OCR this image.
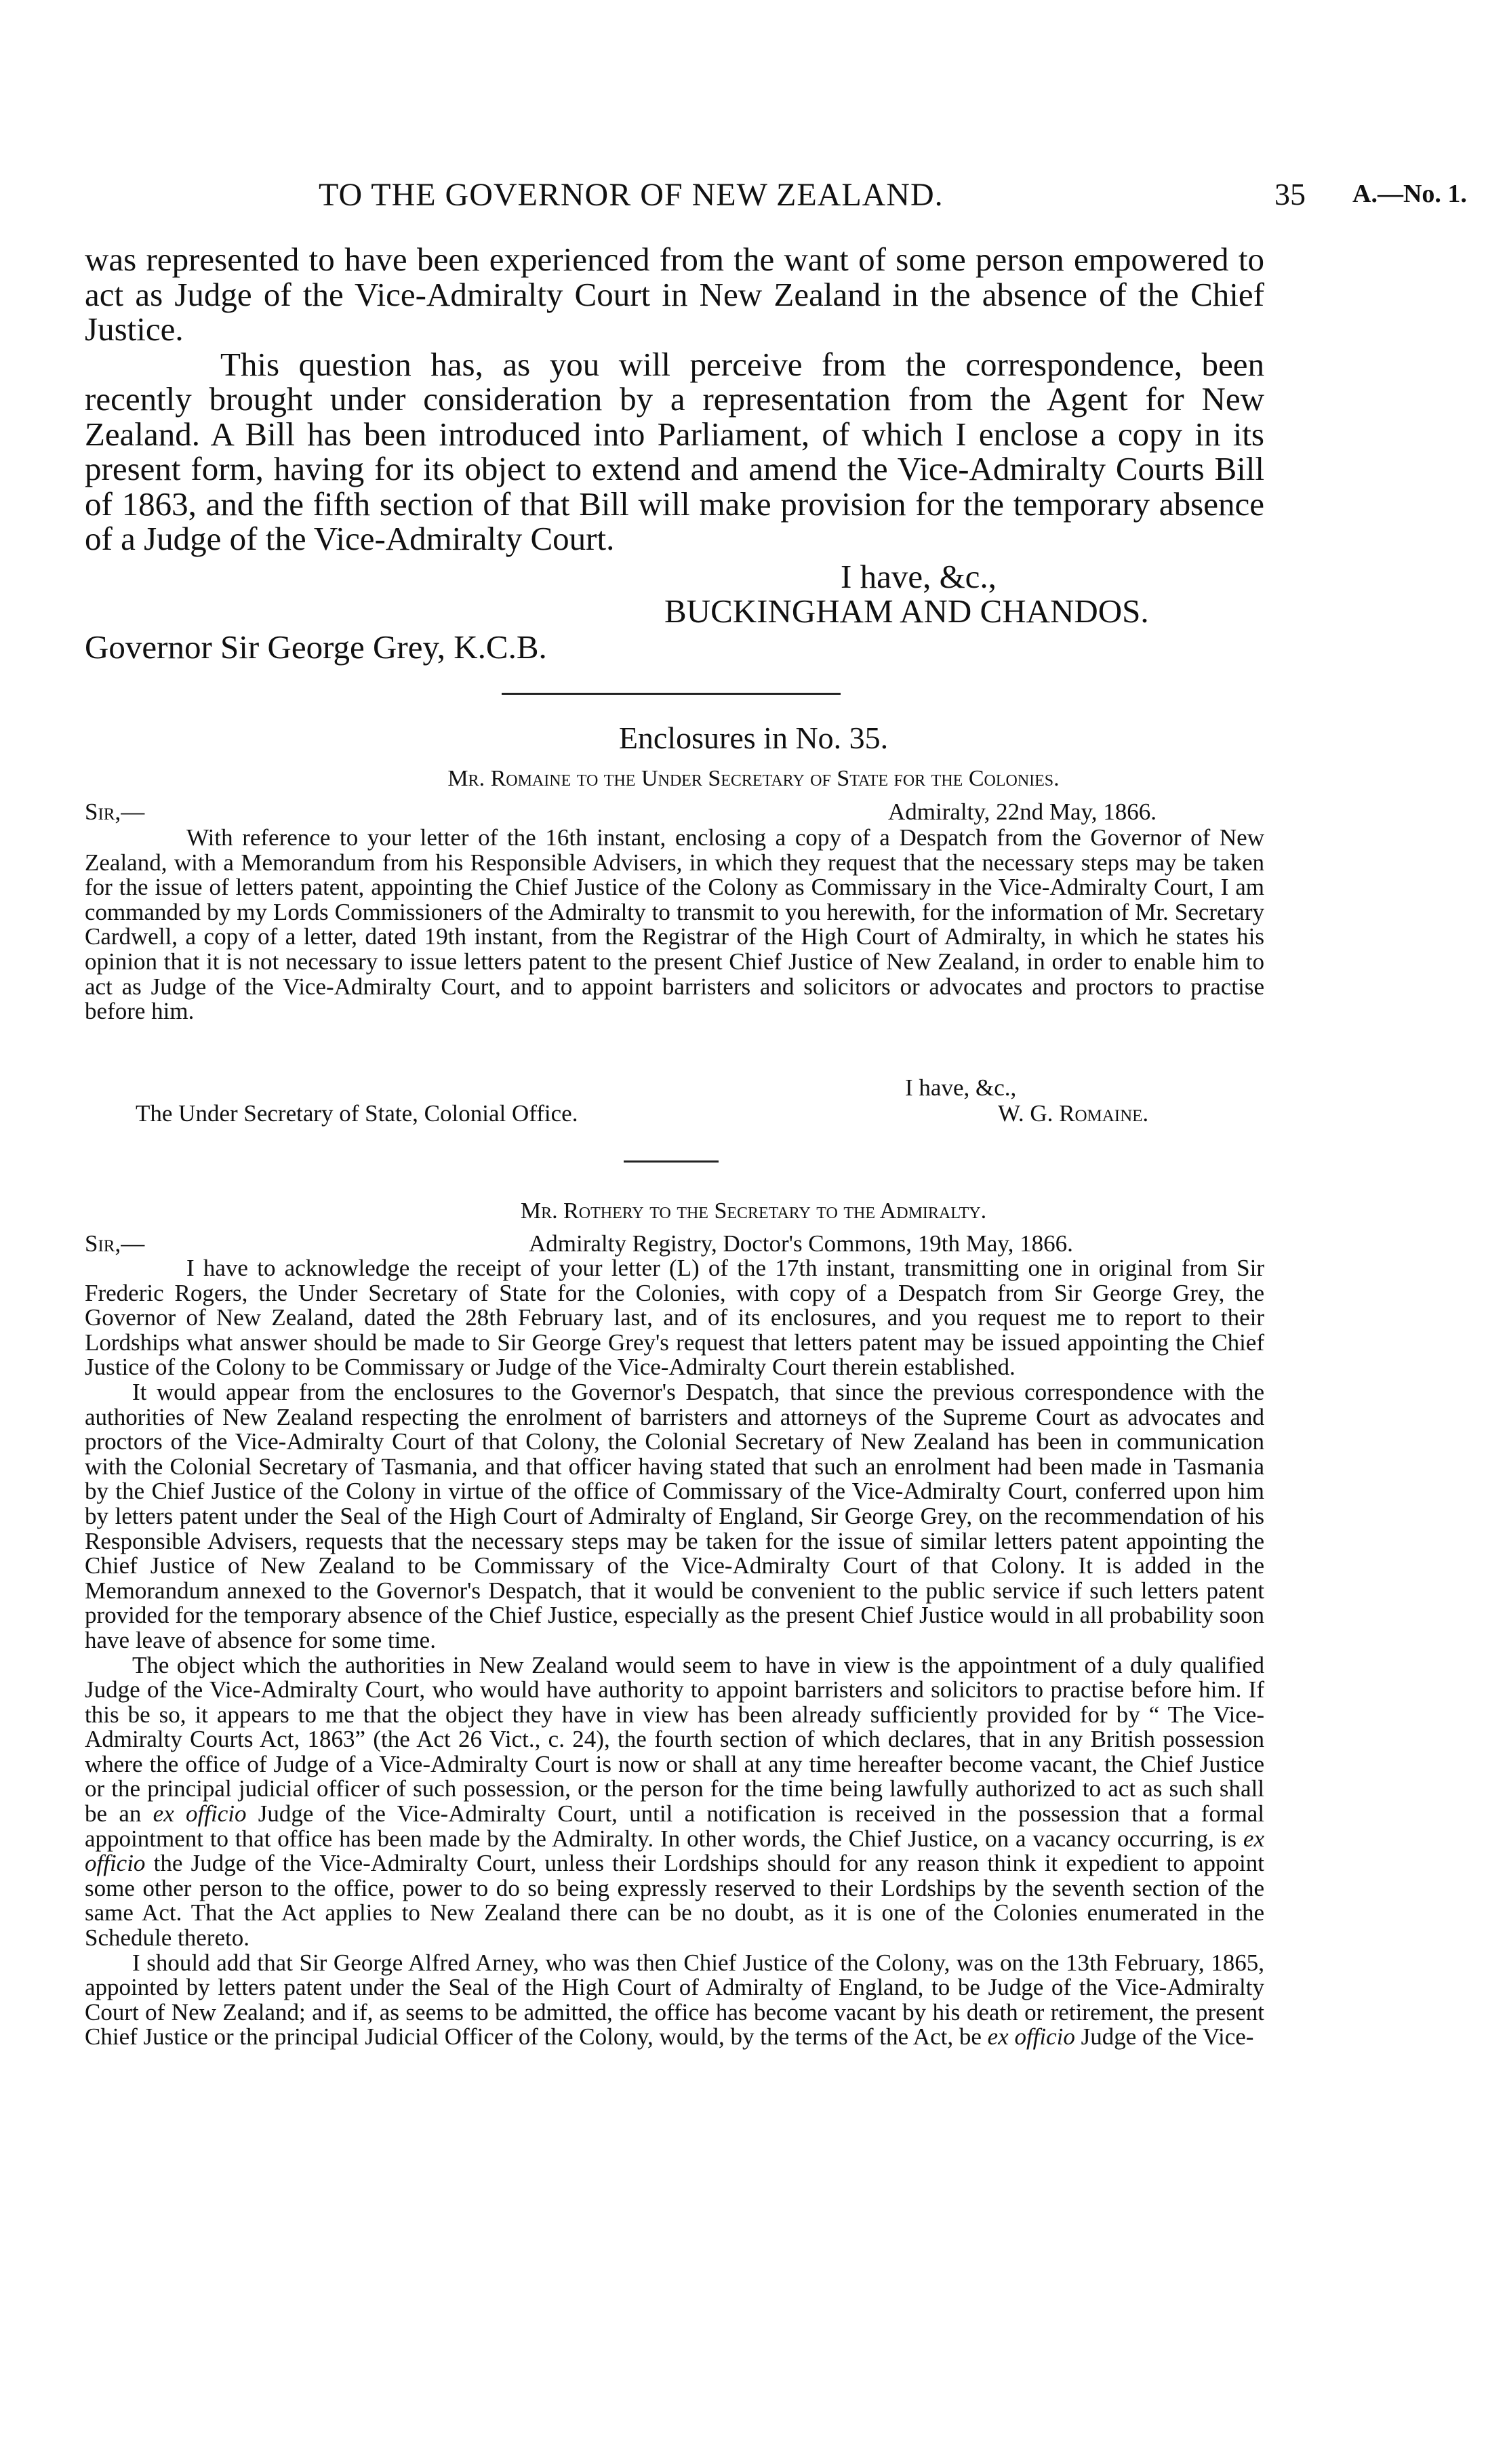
TO THE GOVERNOR OF NEW ZEALAND.	35 A.—No. 1.

was represented to have been experienced from the want of some person empowered to act as Judge of the Vice-Admiralty Court in New Zealand in the absence of the Chief Justice.

This question has, as you will perceive from the correspondence, been recently brought under consideration by a representation from the Agent for New Zealand. A Bill has been introduced into Parliament, of which I enclose a copy in its present form, having for its object to extend and amend the Vice-Admiralty Courts Bill of 1863, and the fifth section of that Bill will make provision for the temporary absence of a Judge of the Vice-Admiralty Court.

I have, &c.,
BUCKINGHAM AND CHANDOS.
Governor Sir George Grey, K.C.B.
Enclosures in No. 35.
Mr. Romaine to the Under Secretary of State for the Colonies.
Sir,—	Admiralty, 22nd May, 1866.

With reference to your letter of the 16th instant, enclosing a copy of a Despatch from the Governor of New Zealand, with a Memorandum from his Responsible Advisers, in which they request that the necessary steps may be taken for the issue of letters patent, appointing the Chief Justice of the Colony as Commissary in the Vice-Admiralty Court, I am commanded by my Lords Commissioners of the Admiralty to transmit to you herewith, for the information of Mr. Secretary Cardwell, a copy of a letter, dated 19th instant, from the Registrar of the High Court of Admiralty, in which he states his opinion that it is not necessary to issue letters patent to the present Chief Justice of New Zealand, in order to enable him to act as Judge of the Vice-Admiralty Court, and to appoint barristers and solicitors or advocates and proctors to practise before him.

I have, &c.,
The Under Secretary of State, Colonial Office.	W. G. Romaine.
Mr. Rothery to the Secretary to the Admiralty.
Sir,—	Admiralty Registry, Doctor's Commons, 19th May, 1866.

I have to acknowledge the receipt of your letter (L) of the 17th instant, transmitting one in original from Sir Frederic Rogers, the Under Secretary of State for the Colonies, with copy of a Despatch from Sir George Grey, the Governor of New Zealand, dated the 28th February last, and of its enclosures, and you request me to report to their Lordships what answer should be made to Sir George Grey's request that letters patent may be issued appointing the Chief Justice of the Colony to be Commissary or Judge of the Vice-Admiralty Court therein established.

It would appear from the enclosures to the Governor's Despatch, that since the previous correspondence with the authorities of New Zealand respecting the enrolment of barristers and attorneys of the Supreme Court as advocates and proctors of the Vice-Admiralty Court of that Colony, the Colonial Secretary of New Zealand has been in communication with the Colonial Secretary of Tasmania, and that officer having stated that such an enrolment had been made in Tasmania by the Chief Justice of the Colony in virtue of the office of Commissary of the Vice-Admiralty Court, conferred upon him by letters patent under the Seal of the High Court of Admiralty of England, Sir George Grey, on the recommendation of his Responsible Advisers, requests that the necessary steps may be taken for the issue of similar letters patent appointing the Chief Justice of New Zealand to be Commissary of the Vice-Admiralty Court of that Colony. It is added in the Memorandum annexed to the Governor's Despatch, that it would be convenient to the public service if such letters patent provided for the temporary absence of the Chief Justice, especially as the present Chief Justice would in all probability soon have leave of absence for some time.

The object which the authorities in New Zealand would seem to have in view is the appointment of a duly qualified Judge of the Vice-Admiralty Court, who would have authority to appoint barristers and solicitors to practise before him. If this be so, it appears to me that the object they have in view has been already sufficiently provided for by “ The Vice-Admiralty Courts Act, 1863” (the Act 26 Vict., c. 24), the fourth section of which declares, that in any British possession where the office of Judge of a Vice-Admiralty Court is now or shall at any time hereafter become vacant, the Chief Justice or the principal judicial officer of such possession, or the person for the time being lawfully authorized to act as such shall be an ex officio Judge of the Vice-Admiralty Court, until a notification is received in the possession that a formal appointment to that office has been made by the Admiralty. In other words, the Chief Justice, on a vacancy occurring, is ex officio the Judge of the Vice-Admiralty Court, unless their Lordships should for any reason think it expedient to appoint some other person to the office, power to do so being expressly reserved to their Lordships by the seventh section of the same Act. That the Act applies to New Zealand there can be no doubt, as it is one of the Colonies enumerated in the Schedule thereto.

I should add that Sir George Alfred Arney, who was then Chief Justice of the Colony, was on the 13th February, 1865, appointed by letters patent under the Seal of the High Court of Admiralty of England, to be Judge of the Vice-Admiralty Court of New Zealand; and if, as seems to be admitted, the office has become vacant by his death or retirement, the present Chief Justice or the principal Judicial Officer of the Colony, would, by the terms of the Act, be ex officio Judge of the Vice-
